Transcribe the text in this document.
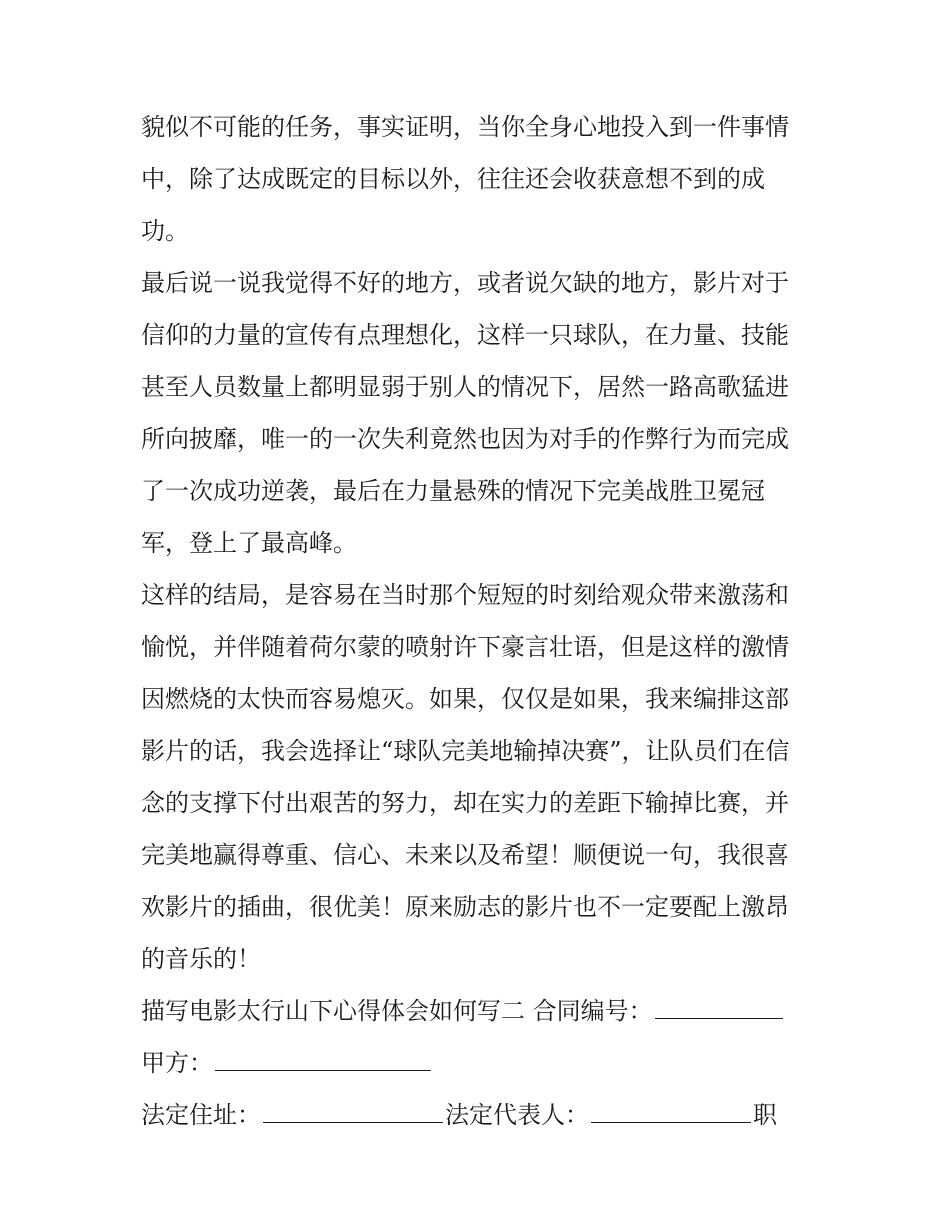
貌似不可能的任务，事实证明，当你全身心地投入到一件事情
中，除了达成既定的目标以外，往往还会收获意想不到的成
功。
最后说一说我觉得不好的地方，或者说欠缺的地方，影片对于
信仰的力量的宣传有点理想化，这样一只球队，在力量、技能
甚至人员数量上都明显弱于别人的情况下，居然一路高歌猛进
所向披靡，唯一的一次失利竟然也因为对手的作弊行为而完成
了一次成功逆袭，最后在力量悬殊的情况下完美战胜卫冕冠
军，登上了最高峰。
这样的结局，是容易在当时那个短短的时刻给观众带来激荡和
愉悦，并伴随着荷尔蒙的喷射许下豪言壮语，但是这样的激情
因燃烧的太快而容易熄灭。如果，仅仅是如果，我来编排这部
影片的话，我会选择让“球队完美地输掉决赛”，让队员们在信
念的支撑下付出艰苦的努力，却在实力的差距下输掉比赛，并
完美地赢得尊重、信心、未来以及希望！顺便说一句，我很喜
欢影片的插曲，很优美！原来励志的影片也不一定要配上激昂
的音乐的！
描写电影太行山下心得体会如何写二 合同编号：
甲方：
法定住址：	法定代表人：	职
